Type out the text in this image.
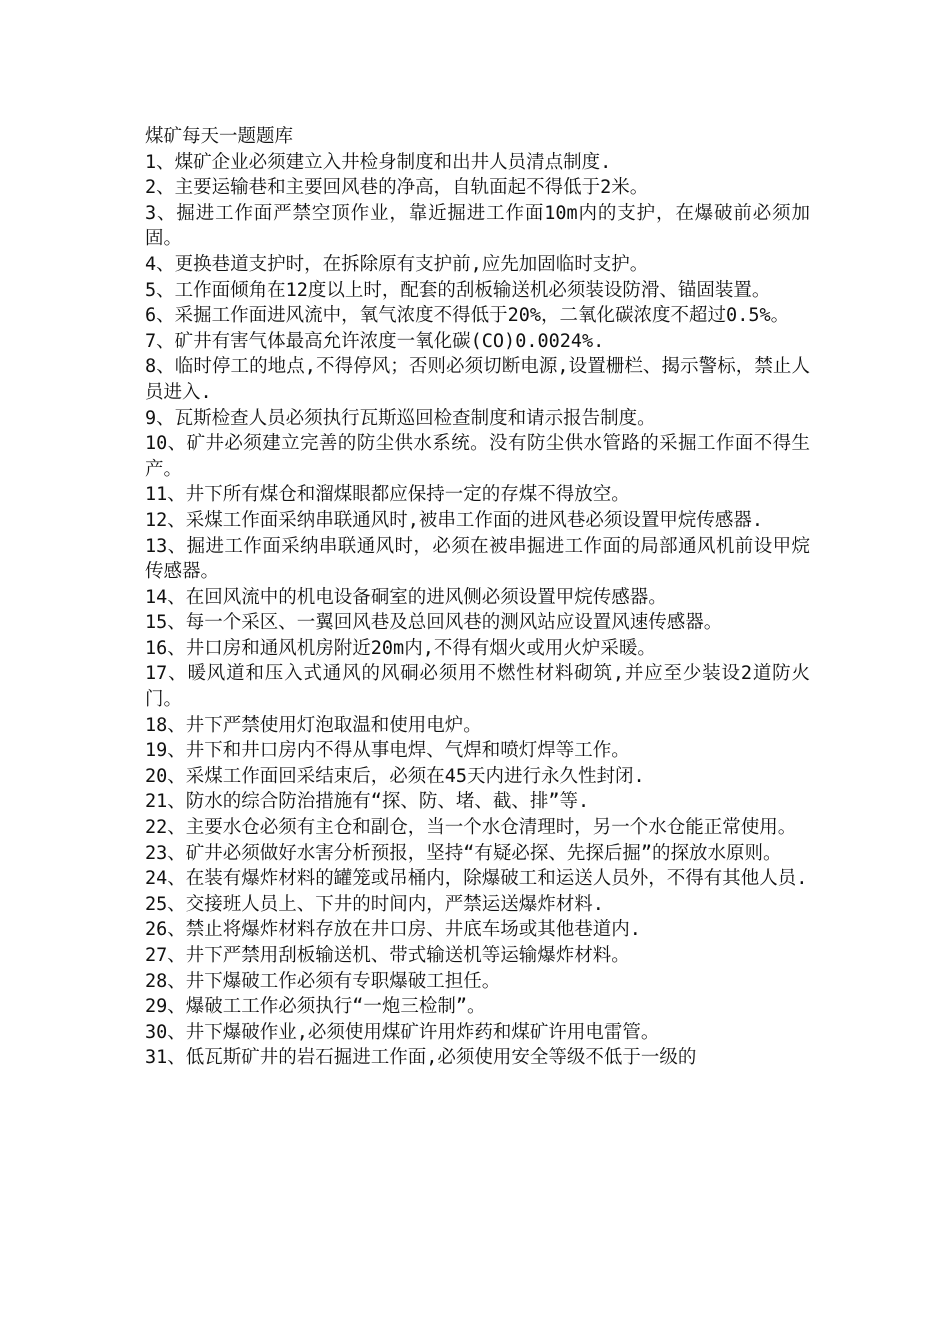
煤矿每天一题题库
1、煤矿企业必须建立入井检身制度和出井人员清点制度.
2、主要运输巷和主要回风巷的净高，自轨面起不得低于2米。
3、掘进工作面严禁空顶作业，靠近掘进工作面10m内的支护，在爆破前必须加固。
4、更换巷道支护时，在拆除原有支护前,应先加固临时支护。
5、工作面倾角在12度以上时，配套的刮板输送机必须装设防滑、锚固装置。
6、采掘工作面进风流中，氧气浓度不得低于20%，二氧化碳浓度不超过0.5%。
7、矿井有害气体最高允许浓度一氧化碳(CO)0.0024%.
8、临时停工的地点,不得停风；否则必须切断电源,设置栅栏、揭示警标，禁止人员进入.
9、瓦斯检查人员必须执行瓦斯巡回检查制度和请示报告制度。
10、矿井必须建立完善的防尘供水系统。没有防尘供水管路的采掘工作面不得生产。
11、井下所有煤仓和溜煤眼都应保持一定的存煤不得放空。
12、采煤工作面采纳串联通风时,被串工作面的进风巷必须设置甲烷传感器.
13、掘进工作面采纳串联通风时，必须在被串掘进工作面的局部通风机前设甲烷传感器。
14、在回风流中的机电设备硐室的进风侧必须设置甲烷传感器。
15、每一个采区、一翼回风巷及总回风巷的测风站应设置风速传感器。
16、井口房和通风机房附近20m内,不得有烟火或用火炉采暖。
17、暖风道和压入式通风的风硐必须用不燃性材料砌筑,并应至少装设2道防火门。
18、井下严禁使用灯泡取温和使用电炉。
19、井下和井口房内不得从事电焊、气焊和喷灯焊等工作。
20、采煤工作面回采结束后，必须在45天内进行永久性封闭.
21、防水的综合防治措施有“探、防、堵、截、排”等.
22、主要水仓必须有主仓和副仓，当一个水仓清理时，另一个水仓能正常使用。
23、矿井必须做好水害分析预报，坚持“有疑必探、先探后掘”的探放水原则。
24、在装有爆炸材料的罐笼或吊桶内，除爆破工和运送人员外，不得有其他人员.
25、交接班人员上、下井的时间内，严禁运送爆炸材料.
26、禁止将爆炸材料存放在井口房、井底车场或其他巷道内.
27、井下严禁用刮板输送机、带式输送机等运输爆炸材料。
28、井下爆破工作必须有专职爆破工担任。
29、爆破工工作必须执行“一炮三检制”。
30、井下爆破作业,必须使用煤矿许用炸药和煤矿许用电雷管。
31、低瓦斯矿井的岩石掘进工作面,必须使用安全等级不低于一级的
